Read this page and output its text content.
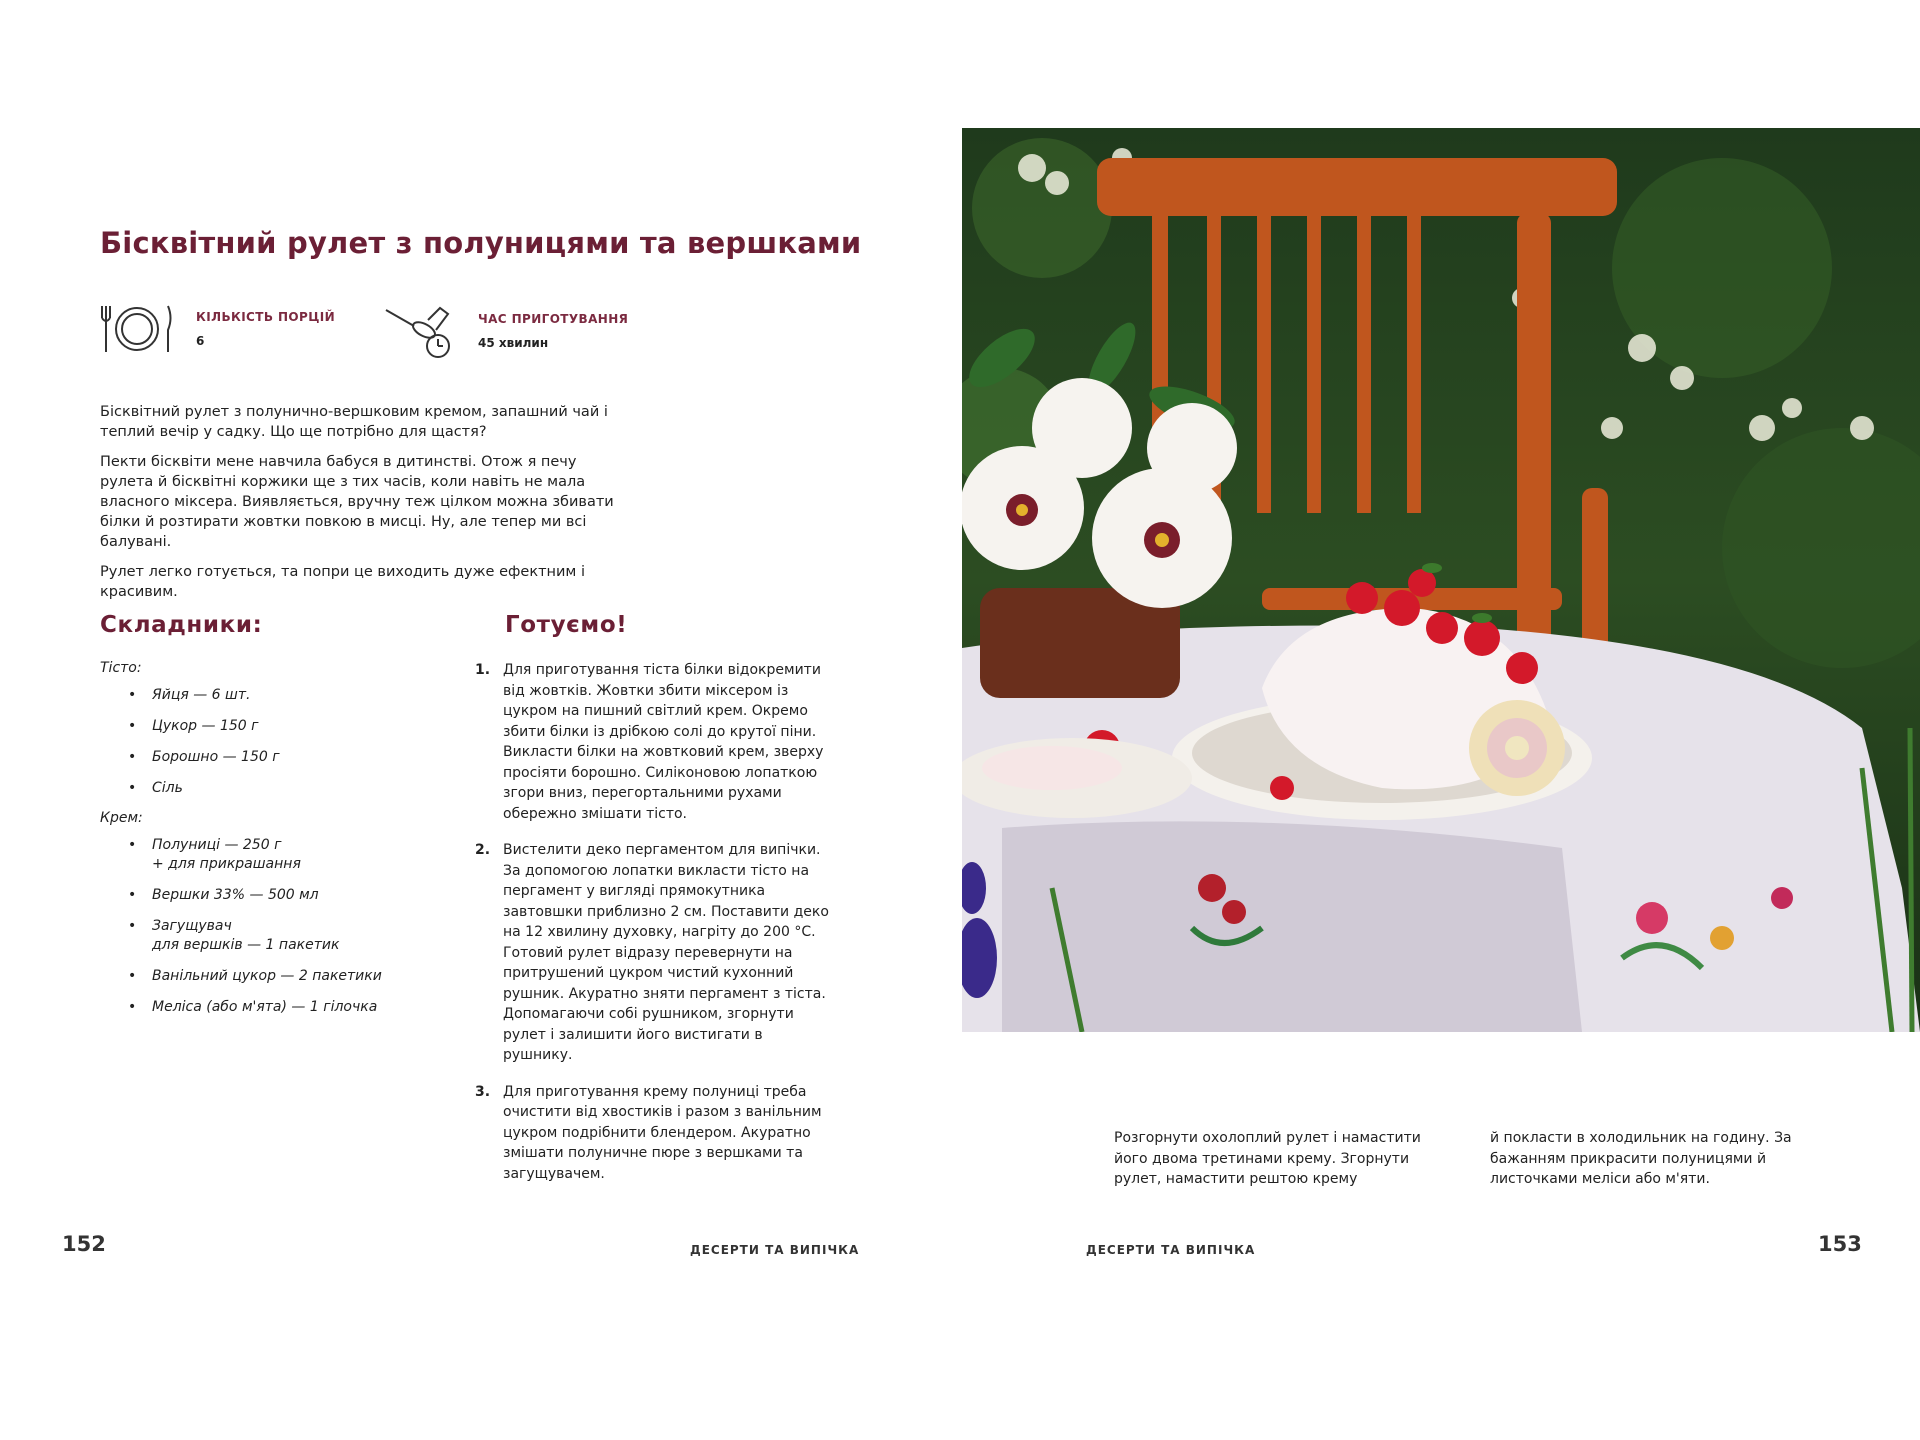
Бісквітний рулет з полуницями та вершками
КІЛЬКІСТЬ ПОРЦІЙ
6
ЧАС ПРИГОТУВАННЯ
45 хвилин

Бісквітний рулет з полунично-вершковим кремом, запашний чай і теплий вечір у садку. Що ще потрібно для щастя?

Пекти бісквіти мене навчила бабуся в дитинстві. Отож я печу рулета й бісквітні коржики ще з тих часів, коли навіть не мала власного міксера. Виявляється, вручну теж цілком можна збивати білки й розтирати жовтки повкою в мисці. Ну, але тепер ми всі балувані.

Рулет легко готується, та попри це виходить дуже ефектним і красивим.

Складники:	Готуємо!
Тісто:
• Яйця — 6 шт.
• Цукор — 150 г
• Борошно — 150 г
• Сіль
Крем:
• Полуниці — 250 г
+ для прикрашання
• Вершки 33% — 500 мл
• Загущувач
для вершків — 1 пакетик
• Ванільний цукор — 2 пакетики
• Меліса (або м'ята) — 1 гілочка
1. Для приготування тіста білки відокремити від жовтків. Жовтки збити міксером із цукром на пишний світлий крем. Окремо збити білки із дрібкою солі до крутої піни. Викласти білки на жовтковий крем, зверху просіяти борошно. Силіконовою лопаткою згори вниз, перегортальними рухами обережно змішати тісто.
2. Вистелити деко пергаментом для випічки. За допомогою лопатки викласти тісто на пергамент у вигляді прямокутника завтовшки приблизно 2 см. Поставити деко на 12 хвилину духовку, нагріту до 200 °C. Готовий рулет відразу перевернути на притрушений цукром чистий кухонний рушник. Акуратно зняти пергамент з тіста. Допомагаючи собі рушником, згорнути рулет і залишити його вистигати в рушнику.
3. Для приготування крему полуниці треба очистити від хвостиків і разом з ванільним цукром подрібнити блендером. Акуратно змішати полуничне пюре з вершками та загущувачем.
152	ДЕСЕРТИ ТА ВИПІЧКА	153
ДЕСЕРТИ ТА ВИПІЧКА
Розгорнути охолоплий рулет і намастити його двома третинами крему. Згорнути рулет, намастити рештою крему
й покласти в холодильник на годину. За бажанням прикрасити полуницями й листочками меліси або м'яти.
